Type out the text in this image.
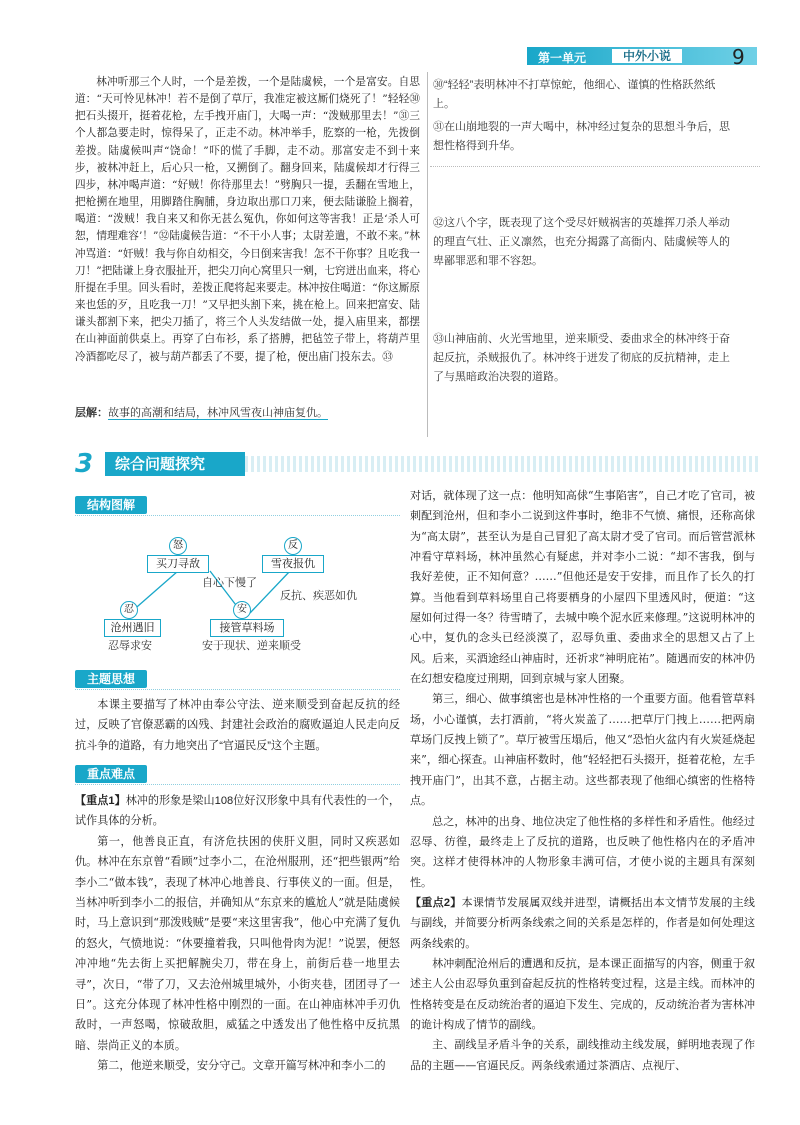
第一单元	中外小说	9

林冲听那三个人时，一个是差拨，一个是陆虞候，一个是富安。自思道：“天可怜见林冲！若不是倒了草厅，我准定被这厮们烧死了！”轻轻㉚把石头掇开，挺着花枪，左手拽开庙门，大喝一声：“泼贼那里去！”㉛三个人都急要走时，惊得呆了，正走不动。林冲举手，肐察的一枪，先拨倒差拨。陆虞候叫声“饶命！”吓的慌了手脚，走不动。那富安走不到十来步，被林冲赶上，后心只一枪，又搠倒了。翻身回来，陆虞候却才行得三四步，林冲喝声道：“好贼！你待那里去！”劈胸只一提，丢翻在雪地上，把枪搠在地里，用脚踏住胸脯，身边取出那口刀来，便去陆谦脸上搁着，喝道：“泼贼！我自来又和你无甚么冤仇，你如何这等害我！正是‘杀人可恕，情理难容’！”㉜陆虞候告道：“不干小人事；太尉差遣，不敢不来。”林冲骂道：“奸贼！我与你自幼相交，今日倒来害我！怎不干你事？且吃我一刀！”把陆谦上身衣服扯开，把尖刀向心窝里只一剜，七窍迸出血来，将心肝提在手里。回头看时，差拨正爬将起来要走。林冲按住喝道：“你这厮原来也恁的歹，且吃我一刀！”又早把头割下来，挑在枪上。回来把富安、陆谦头都割下来，把尖刀插了，将三个人头发结做一处，提入庙里来，都摆在山神面前供桌上。再穿了白布衫，系了搭膊，把毡笠子带上，将葫芦里冷酒都吃尽了，被与葫芦都丢了不要，提了枪，便出庙门投东去。㉝

层解：故事的高潮和结局，林冲风雪夜山神庙复仇。

㉚“轻轻”表明林冲不打草惊蛇，他细心、谨慎的性格跃然纸上。

㉛在山崩地裂的一声大喝中，林冲经过复杂的思想斗争后，思想性格得到升华。

㉜这八个字，既表现了这个受尽奸贼祸害的英雄挥刀杀人举动的理直气壮、正义凛然，也充分揭露了高衙内、陆虞候等人的卑鄙罪恶和罪不容恕。

㉝山神庙前、火光雪地里，逆来顺受、委曲求全的林冲终于奋起反抗，杀贼报仇了。林冲终于迸发了彻底的反抗精神，走上了与黑暗政治决裂的道路。

3	综合问题探究
结构图解
怒
买刀寻敌
反
雪夜报仇
自心下慢了
反抗、疾恶如仇
忍
沧州遇旧
忍辱求安
安
接管草料场
安于现状、逆来顺受
主题思想

本课主要描写了林冲由奉公守法、逆来顺受到奋起反抗的经过，反映了官僚恶霸的凶残、封建社会政治的腐败逼迫人民走向反抗斗争的道路，有力地突出了“官逼民反”这个主题。

重点难点

【重点1】林冲的形象是梁山108位好汉形象中具有代表性的一个，试作具体的分析。

第一，他善良正直，有济危扶困的侠肝义胆，同时又疾恶如仇。林冲在东京曾“看顾”过李小二，在沧州服刑，还“把些银两”给李小二“做本钱”，表现了林冲心地善良、行事侠义的一面。但是，当林冲听到李小二的报信，并确知从“东京来的尴尬人”就是陆虞候时，马上意识到“那泼贱贼”是要“来这里害我”，他心中充满了复仇的怒火，气愤地说：“休要撞着我，只叫他骨肉为泥！”说罢，便怒冲冲地“先去街上买把解腕尖刀，带在身上，前街后巷一地里去寻”，次日，“带了刀，又去沧州城里城外，小街夹巷，团团寻了一日”。这充分体现了林冲性格中刚烈的一面。在山神庙林冲手刃仇敌时，一声怒喝，惊破敌胆，威猛之中透发出了他性格中反抗黑暗、崇尚正义的本质。

第二，他逆来顺受，安分守己。文章开篇写林冲和李小二的

对话，就体现了这一点：他明知高俅“生事陷害”，自己才吃了官司，被刺配到沧州，但和李小二说到这件事时，绝非不气愤、痛恨，还称高俅为“高太尉”，甚至认为是自己冒犯了高太尉才受了官司。而后管营派林冲看守草料场，林冲虽然心有疑虑，并对李小二说：“却不害我，倒与我好差使，正不知何意？……”但他还是安于安排，而且作了长久的打算。当他看到草料场里自己将要栖身的小屋四下里透风时，便道：“这屋如何过得一冬？待雪晴了，去城中唤个泥水匠来修理。”这说明林冲的心中，复仇的念头已经淡漠了，忍辱负重、委曲求全的思想又占了上风。后来，买酒途经山神庙时，还祈求“神明庇祐”。随遇而安的林冲仍在幻想安稳度过刑期，回到京城与家人团聚。

第三，细心、做事缜密也是林冲性格的一个重要方面。他看管草料场，小心谨慎，去打酒前，“将火炭盖了……把草厅门拽上……把两扇草场门反拽上锁了”。草厅被雪压塌后，他又“恐怕火盆内有火炭延烧起来”，细心探查。山神庙杯数时，他“轻轻把石头掇开，挺着花枪，左手拽开庙门”，出其不意，占据主动。这些都表现了他细心缜密的性格特点。

总之，林冲的出身、地位决定了他性格的多样性和矛盾性。他经过忍辱、彷徨，最终走上了反抗的道路，也反映了他性格内在的矛盾冲突。这样才使得林冲的人物形象丰满可信，才使小说的主题具有深刻性。

【重点2】本课情节发展属双线并进型，请概括出本文情节发展的主线与副线，并简要分析两条线索之间的关系是怎样的，作者是如何处理这两条线索的。

林冲刺配沧州后的遭遇和反抗，是本课正面描写的内容，侧重于叙述主人公由忍辱负重到奋起反抗的性格转变过程，这是主线。而林冲的性格转变是在反动统治者的逼迫下发生、完成的，反动统治者为害林冲的诡计构成了情节的副线。

主、副线呈矛盾斗争的关系，副线推动主线发展，鲜明地表现了作品的主题——官逼民反。两条线索通过茶酒店、点视厅、
